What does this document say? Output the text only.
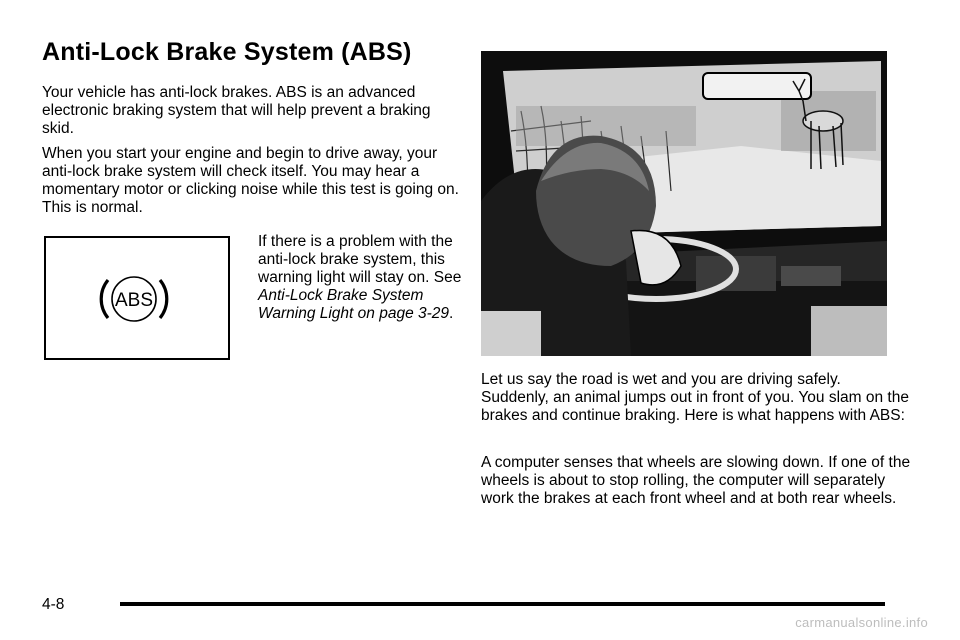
Anti-Lock Brake System (ABS)

Your vehicle has anti-lock brakes. ABS is an advanced electronic braking system that will help prevent a braking skid.

When you start your engine and begin to drive away, your anti-lock brake system will check itself. You may hear a momentary motor or clicking noise while this test is going on. This is normal.

ABS

If there is a problem with the anti-lock brake system, this warning light will stay on. See Anti-Lock Brake System Warning Light on page 3-29.

Let us say the road is wet and you are driving safely. Suddenly, an animal jumps out in front of you. You slam on the brakes and continue braking. Here is what happens with ABS:

A computer senses that wheels are slowing down. If one of the wheels is about to stop rolling, the computer will separately work the brakes at each front wheel and at both rear wheels.

4-8
carmanualsonline.info
